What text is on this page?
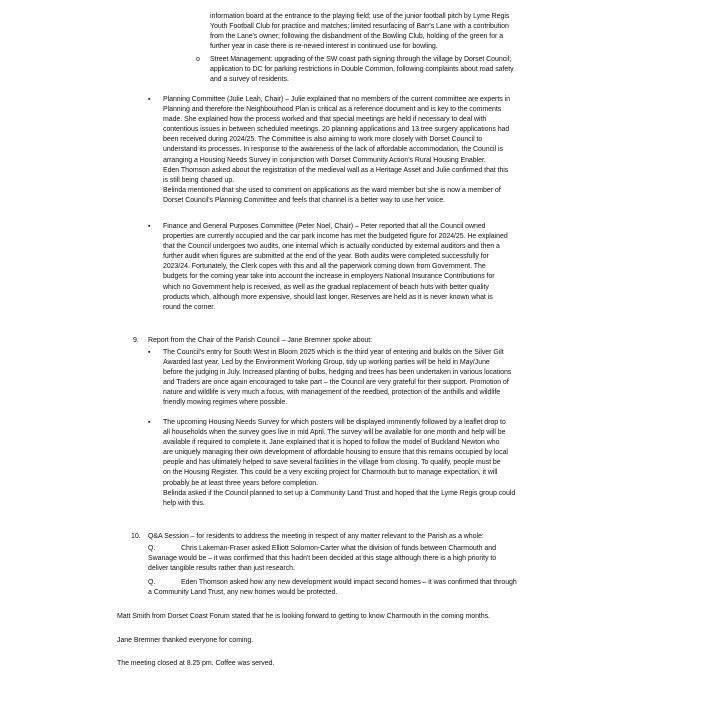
information board at the entrance to the playing field; use of the junior football pitch by Lyme Regis

Youth Football Club for practice and matches; limited resurfacing of Barr's Lane with a contribution

from the Lane's owner; following the disbandment of the Bowling Club, holding of the green for a

further year in case there is re-newed interest in continued use for bowling.

o Street Management: upgrading of the SW coast path signing through the village by Dorset Council;

application to DC for parking restrictions in Double Common, following complaints about road safety

and a survey of residents.

▪ Planning Committee (Julie Leah, Chair) – Julie explained that no members of the current committee are experts in

Planning and therefore the Neighbourhood Plan is critical as a reference document and is key to the comments

made. She explained how the process worked and that special meetings are held if necessary to deal with

contentious issues in between scheduled meetings. 20 planning applications and 13 tree surgery applications had

been received during 2024/25. The Committee is also aiming to work more closely with Dorset Council to

understand its processes. In response to the awareness of the lack of affordable accommodation, the Council is

arranging a Housing Needs Survey in conjunction with Dorset Community Action's Rural Housing Enabler.

Eden Thomson asked about the registration of the medieval wall as a Heritage Asset and Julie confirmed that this

is still being chased up.

Belinda mentioned that she used to comment on applications as the ward member but she is now a member of

Dorset Council's Planning Committee and feels that channel is a better way to use her voice.

▪ Finance and General Purposes Committee (Peter Noel, Chair) – Peter reported that all the Council owned

properties are currently occupied and the car park income has met the budgeted figure for 2024/25. He explained

that the Council undergoes two audits, one internal which is actually conducted by external auditors and then a

further audit when figures are submitted at the end of the year. Both audits were completed successfully for

2023/24. Fortunately, the Clerk copes with this and all the paperwork coming down from Government. The

budgets for the coming year take into account the increase in employers National Insurance Contributions for

which no Government help is received, as well as the gradual replacement of beach huts with better quality

products which, although more expensive, should last longer. Reserves are held as it is never known what is

round the corner.

9. Report from the Chair of the Parish Council – Jane Bremner spoke about:

▪ The Council's entry for South West in Bloom 2025 which is the third year of entering and builds on the Silver Gilt

Awarded last year. Led by the Environment Working Group, tidy up working parties will be held in May/June

before the judging in July. Increased planting of bulbs, hedging and trees has been undertaken in various locations

and Traders are once again encouraged to take part – the Council are very grateful for their support. Promotion of

nature and wildlife is very much a focus, with management of the reedbed, protection of the anthills and wildlife

friendly mowing regimes where possible.

▪ The upcoming Housing Needs Survey for which posters will be displayed imminently followed by a leaflet drop to

all households when the survey goes live in mid April. The survey will be available for one month and help will be

available if required to complete it. Jane explained that it is hoped to follow the model of Buckland Newton who

are uniquely managing their own development of affordable housing to ensure that this remains occupied by local

people and has ultimately helped to save several facilities in the village from closing. To qualify, people must be

on the Housing Register. This could be a very exciting project for Charmouth but to manage expectation, it will

probably be at least three years before completion.

Belinda asked if the Council planned to set up a Community Land Trust and hoped that the Lyme Regis group could

help with this.

10. Q&A Session – for residents to address the meeting in respect of any matter relevant to the Parish as a whole:

Q.	Chris Lakeman-Fraser asked Elliott Solomon-Carter what the division of funds between Charmouth and

Swanage would be – it was confirmed that this hadn't been decided at this stage although there is a high priority to

deliver tangible results rather than just research.

Q.	Eden Thomson asked how any new development would impact second homes – it was confirmed that through

a Community Land Trust, any new homes would be protected.

Matt Smith from Dorset Coast Forum stated that he is looking forward to getting to know Charmouth in the coming months.

Jane Bremner thanked everyone for coming.

The meeting closed at 8.25 pm. Coffee was served.
